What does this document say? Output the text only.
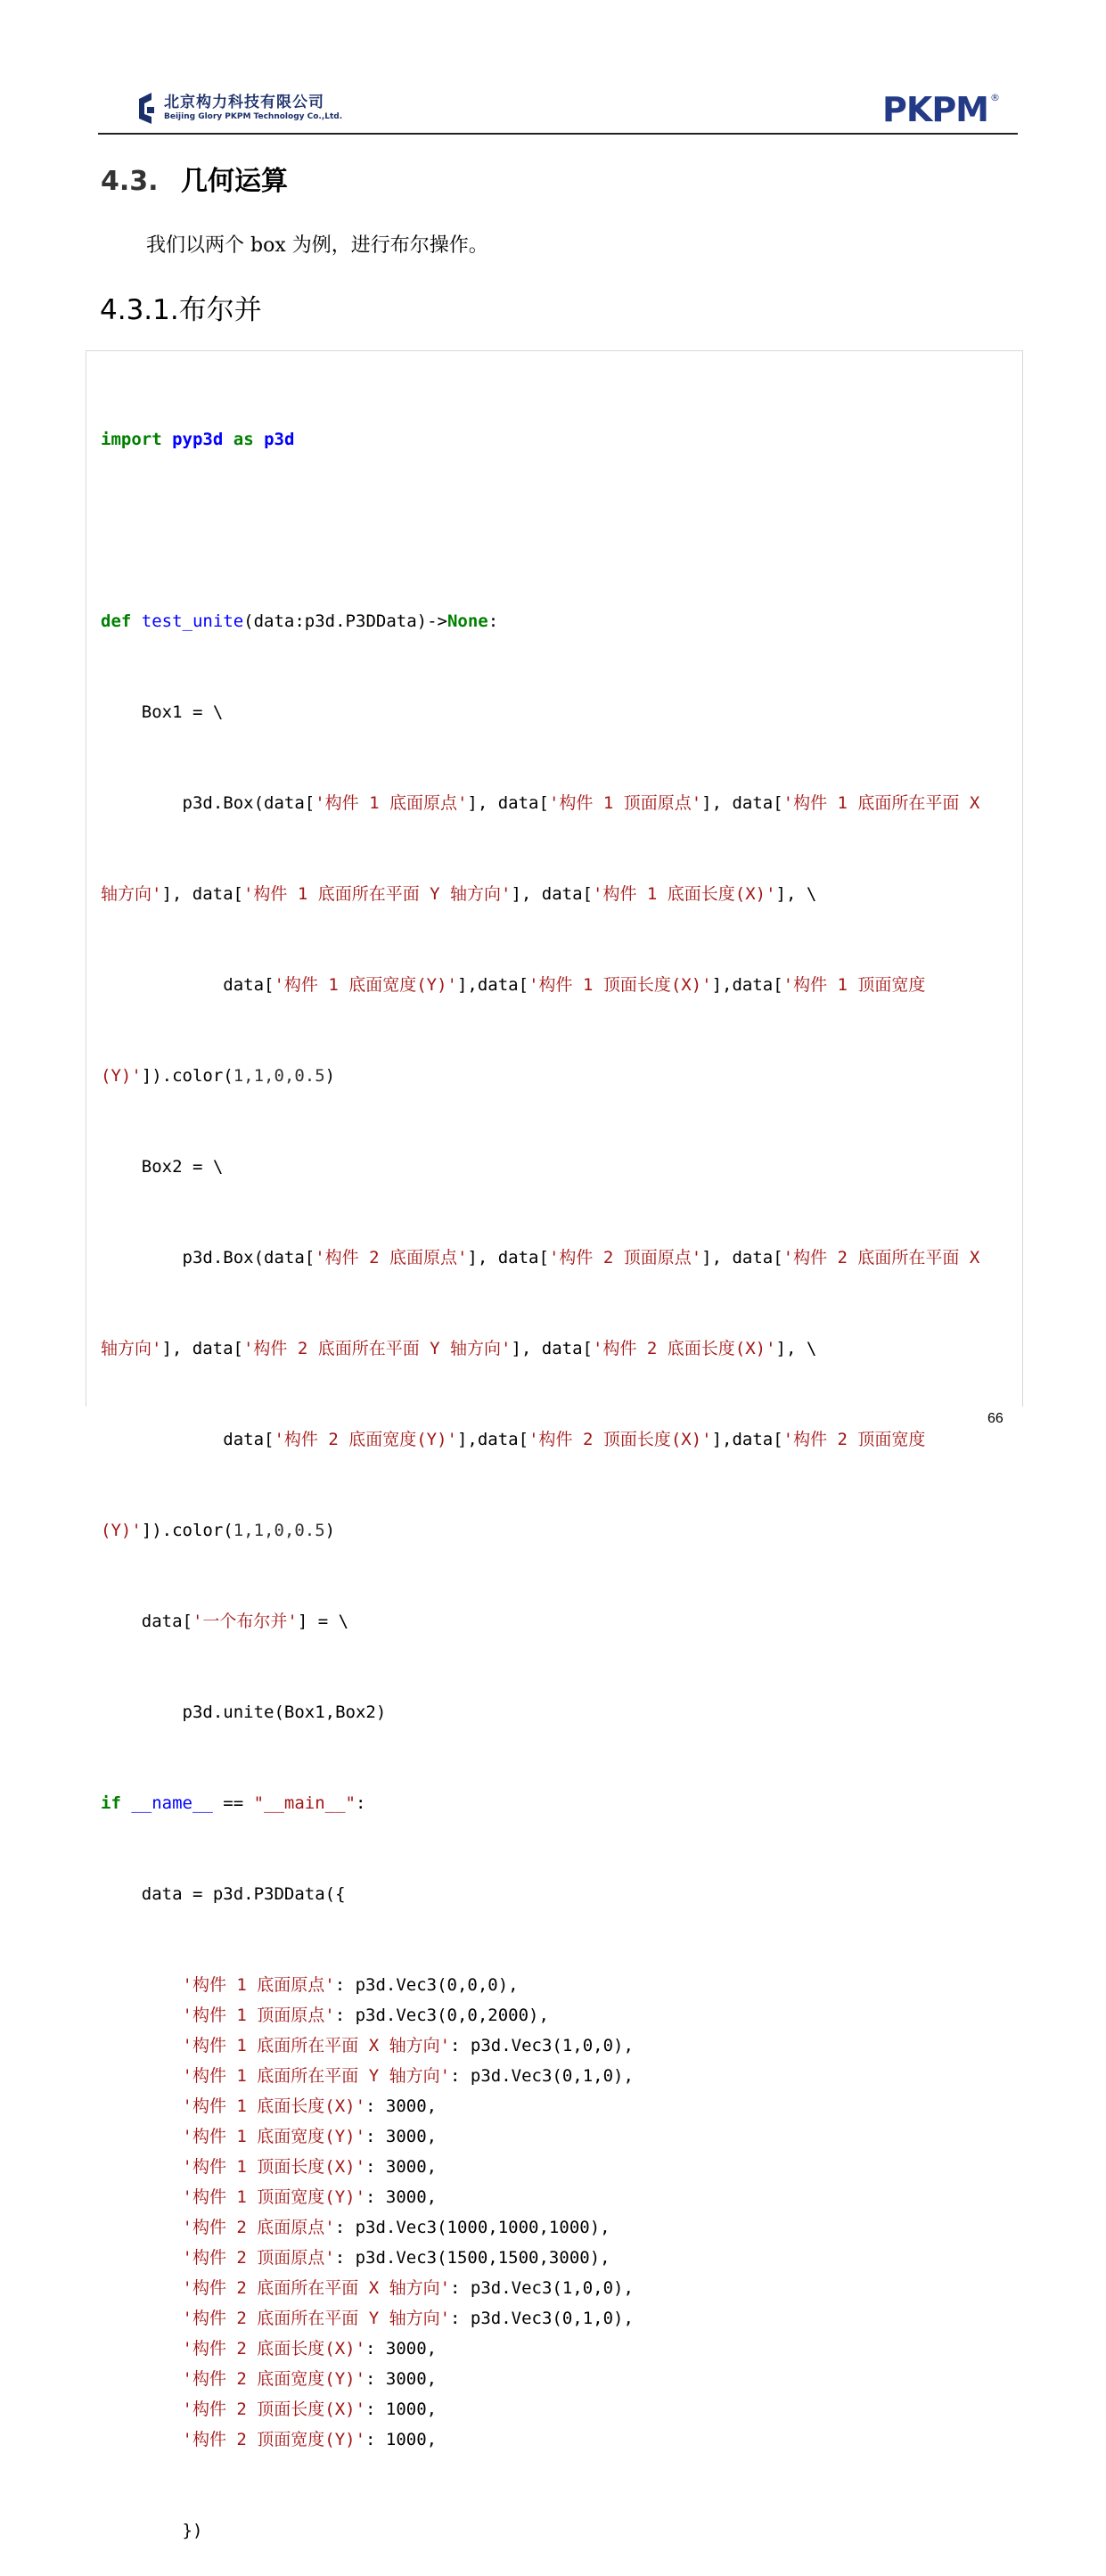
北京构力科技有限公司
Beijing Glory PKPM Technology Co.,Ltd.	PKPM ®
4.3. 几何运算
我们以两个 box 为例，进行布尔操作。
4.3.1.布尔并

import pyp3d as p3d

def test_unite(data:p3d.P3DData)->None:

Box1 = \

p3d.Box(data['构件 1 底面原点'], data['构件 1 顶面原点'], data['构件 1 底面所在平面 X

轴方向'], data['构件 1 底面所在平面 Y 轴方向'], data['构件 1 底面长度(X)'], \

data['构件 1 底面宽度(Y)'],data['构件 1 顶面长度(X)'],data['构件 1 顶面宽度

(Y)']).color(1,1,0,0.5)

Box2 = \

p3d.Box(data['构件 2 底面原点'], data['构件 2 顶面原点'], data['构件 2 底面所在平面 X

轴方向'], data['构件 2 底面所在平面 Y 轴方向'], data['构件 2 底面长度(X)'], \

data['构件 2 底面宽度(Y)'],data['构件 2 顶面长度(X)'],data['构件 2 顶面宽度

(Y)']).color(1,1,0,0.5)

data['一个布尔并'] = \

p3d.unite(Box1,Box2)

if __name__ == "__main__":

data = p3d.P3DData({

'构件 1 底面原点': p3d.Vec3(0,0,0),
'构件 1 顶面原点': p3d.Vec3(0,0,2000),
'构件 1 底面所在平面 X 轴方向': p3d.Vec3(1,0,0),
'构件 1 底面所在平面 Y 轴方向': p3d.Vec3(0,1,0),
'构件 1 底面长度(X)': 3000,
'构件 1 底面宽度(Y)': 3000,
'构件 1 顶面长度(X)': 3000,
'构件 1 顶面宽度(Y)': 3000,
'构件 2 底面原点': p3d.Vec3(1000,1000,1000),
'构件 2 顶面原点': p3d.Vec3(1500,1500,3000),
'构件 2 底面所在平面 X 轴方向': p3d.Vec3(1,0,0),
'构件 2 底面所在平面 Y 轴方向': p3d.Vec3(0,1,0),
'构件 2 底面长度(X)': 3000,
'构件 2 底面宽度(Y)': 3000,
'构件 2 顶面长度(X)': 1000,
'构件 2 顶面宽度(Y)': 1000,

})

66
